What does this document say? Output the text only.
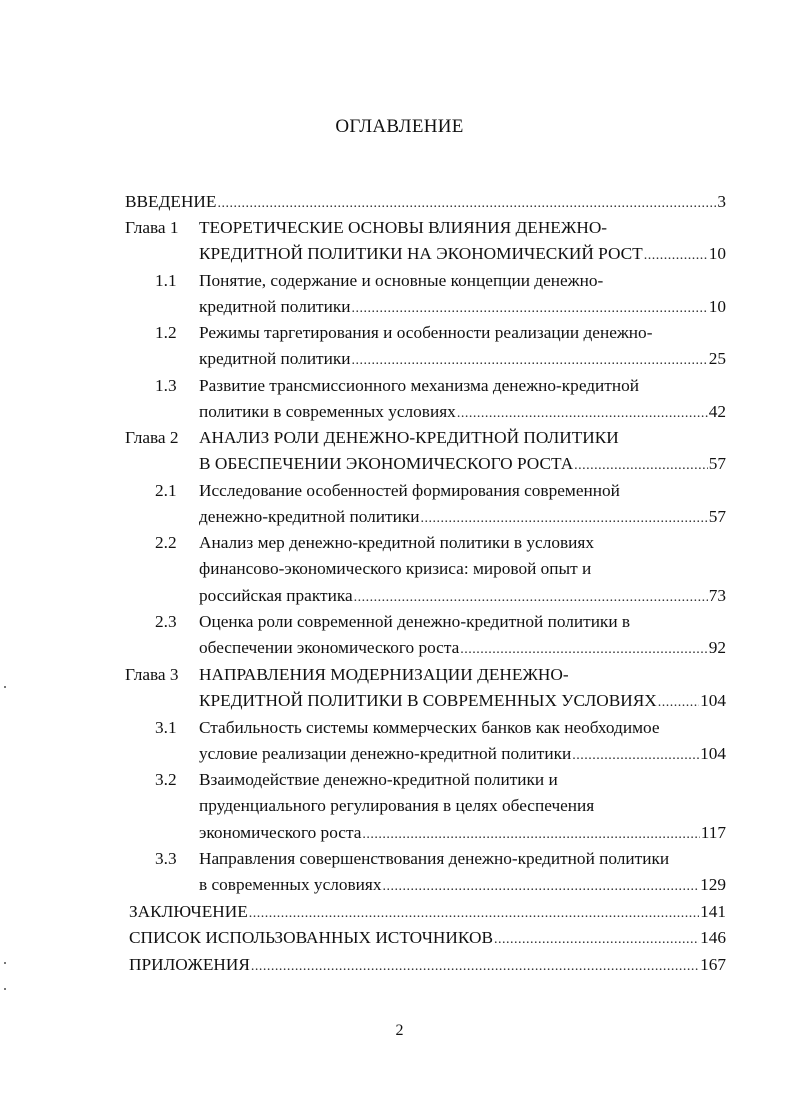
ОГЛАВЛЕНИЕ
ВВЕДЕНИЕ .....	3
Глава 1 ТЕОРЕТИЧЕСКИЕ ОСНОВЫ ВЛИЯНИЯ ДЕНЕЖНО-
КРЕДИТНОЙ ПОЛИТИКИ НА ЭКОНОМИЧЕСКИЙ РОСТ .....	10
1.1 Понятие, содержание и основные концепции денежно-
кредитной политики .....	10
1.2 Режимы таргетирования и особенности реализации денежно-
кредитной политики .....	25
1.3 Развитие трансмиссионного механизма денежно-кредитной
политики в современных условиях .....	42
Глава 2 АНАЛИЗ РОЛИ ДЕНЕЖНО-КРЕДИТНОЙ ПОЛИТИКИ
В ОБЕСПЕЧЕНИИ ЭКОНОМИЧЕСКОГО РОСТА .....	57
2.1 Исследование особенностей формирования современной
денежно-кредитной политики .....	57
2.2 Анализ мер денежно-кредитной политики в условиях
финансово-экономического кризиса: мировой опыт и
российская практика .....	73
2.3 Оценка роли современной денежно-кредитной политики в
обеспечении экономического роста .....	92
Глава 3 НАПРАВЛЕНИЯ МОДЕРНИЗАЦИИ ДЕНЕЖНО-
КРЕДИТНОЙ ПОЛИТИКИ В СОВРЕМЕННЫХ УСЛОВИЯХ .....	104
3.1 Стабильность системы коммерческих банков как необходимое
условие реализации денежно-кредитной политики .....	104
3.2 Взаимодействие денежно-кредитной политики и
пруденциального регулирования в целях обеспечения
экономического роста .....	117
3.3 Направления совершенствования денежно-кредитной политики
в современных условиях .....	129
ЗАКЛЮЧЕНИЕ .....	141
СПИСОК ИСПОЛЬЗОВАННЫХ ИСТОЧНИКОВ .....	146
ПРИЛОЖЕНИЯ .....	167
2
